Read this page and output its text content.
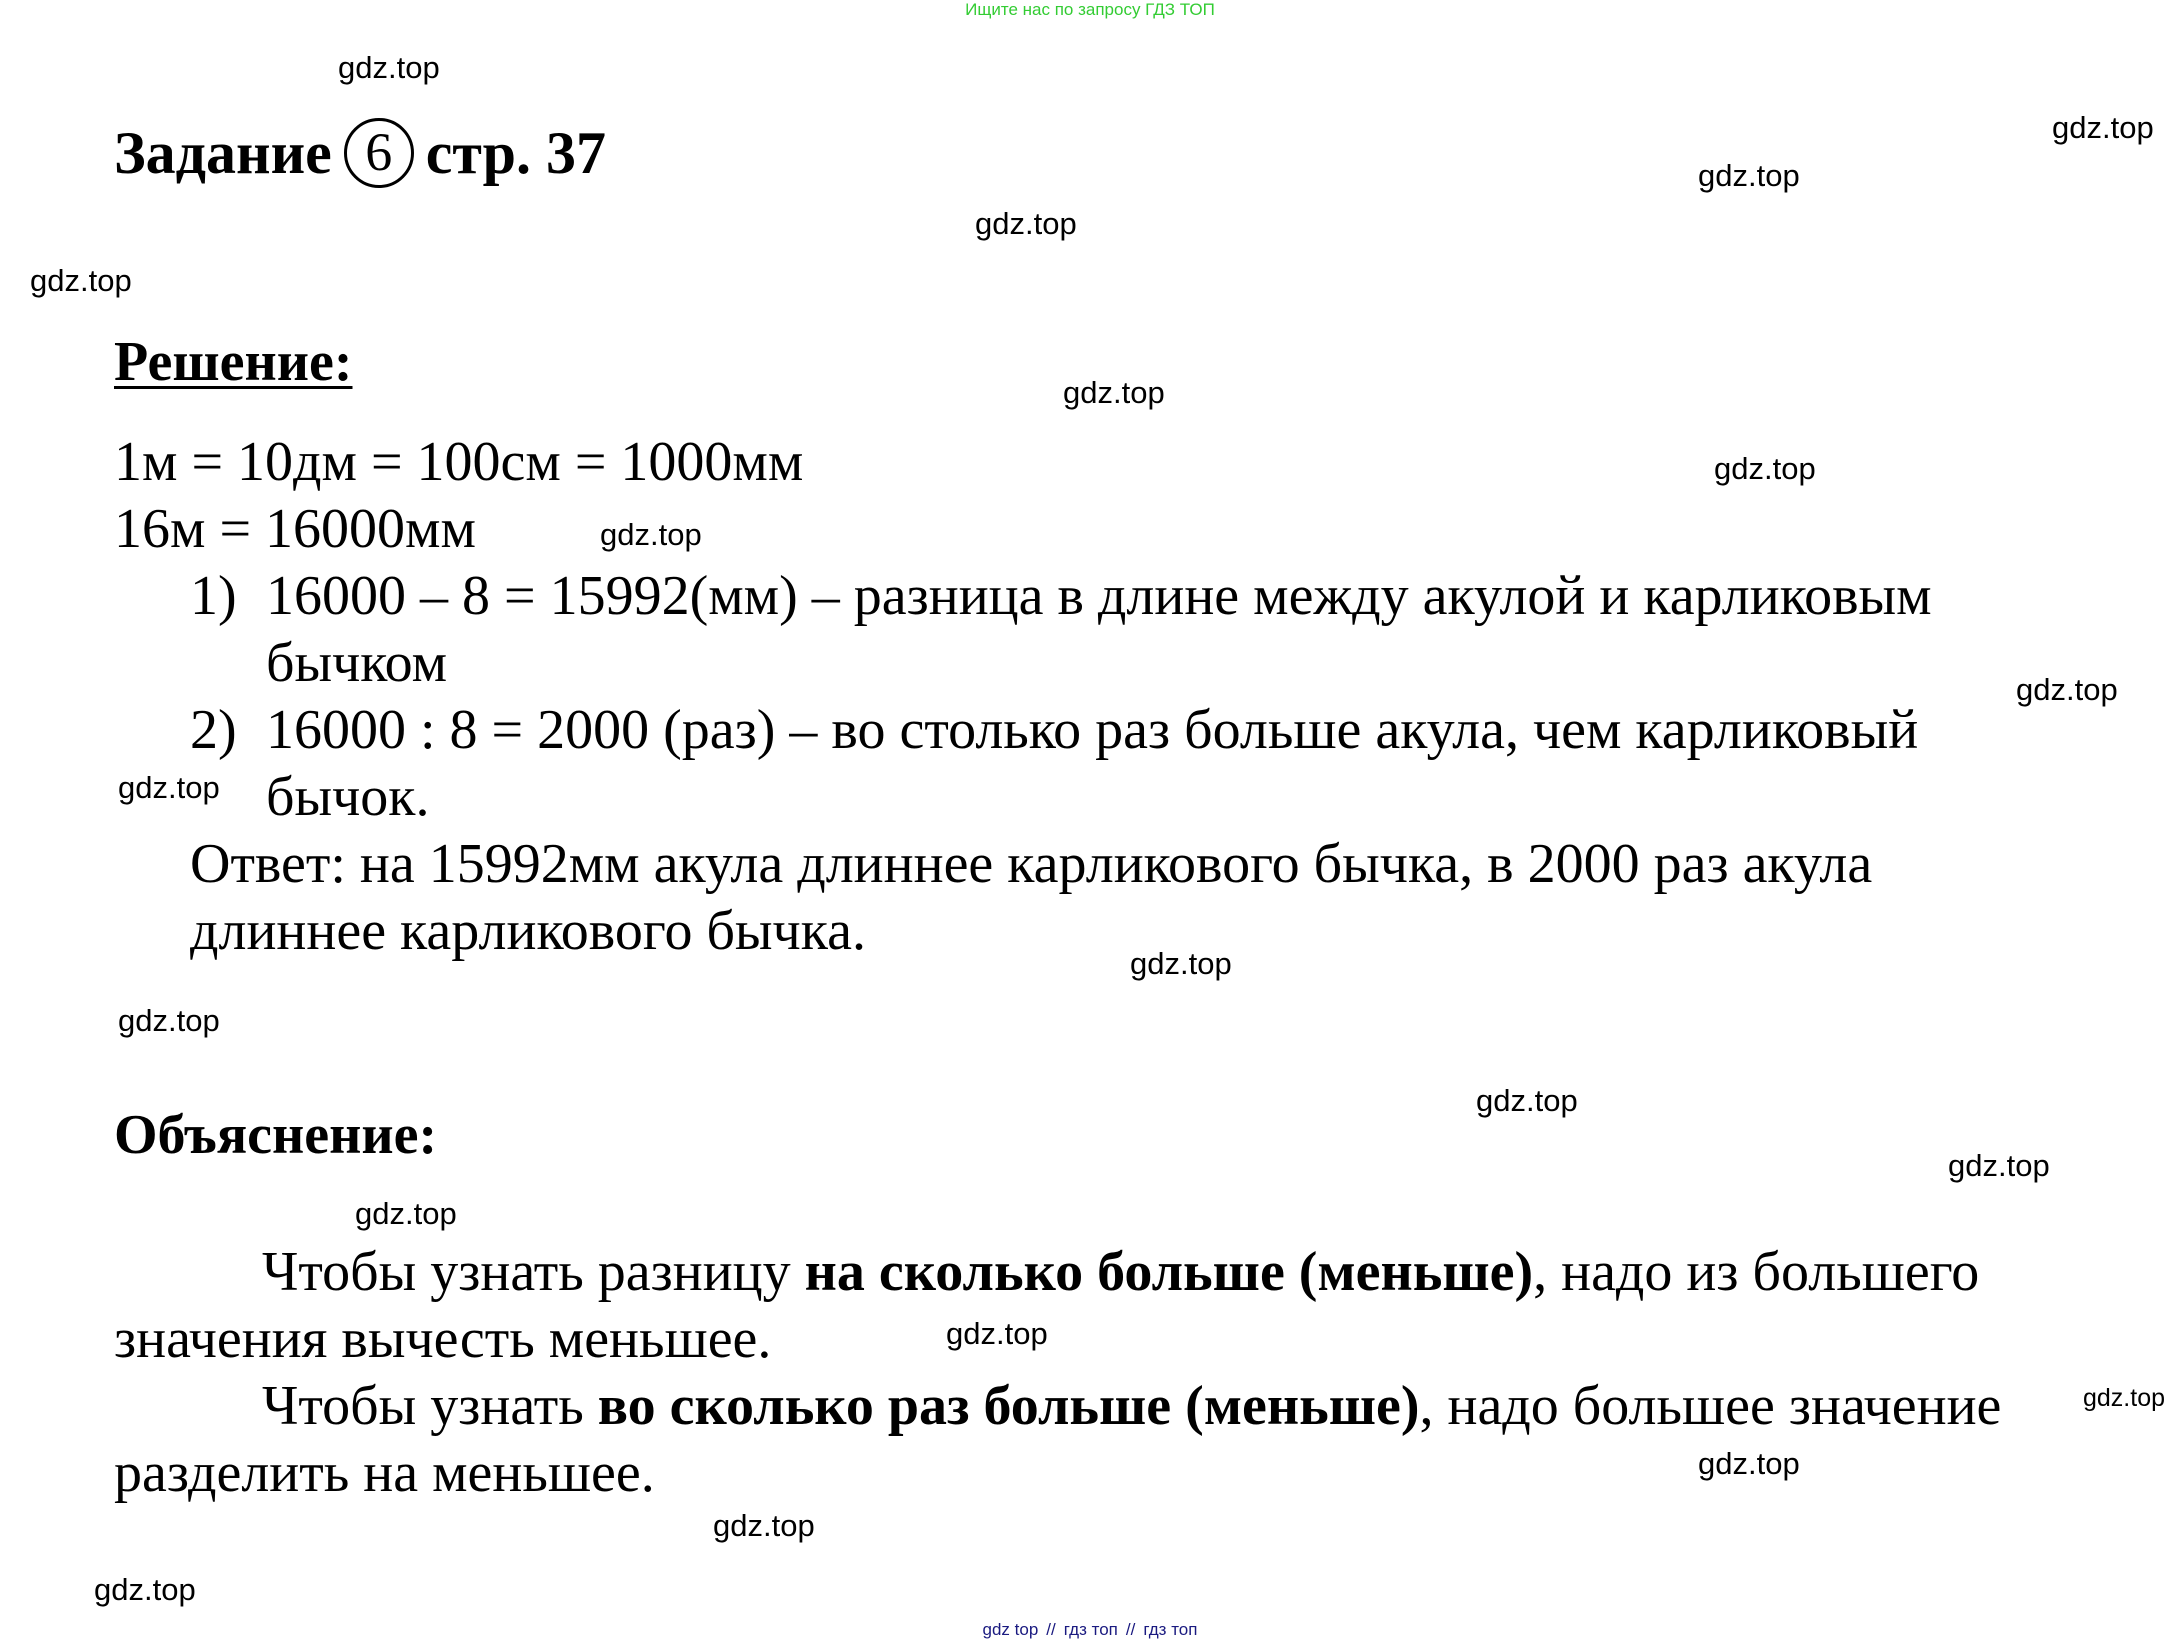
Ищите нас по запросу ГДЗ ТОП
gdz.top
gdz.top
gdz.top
gdz.top
gdz.top
gdz.top
gdz.top
gdz.top
gdz.top
gdz.top
gdz.top
gdz.top
gdz.top
gdz.top
gdz.top
gdz.top
gdz.top
gdz.top
gdz.top
gdz.top
Задание 6 стр. 37
Решение:
1м = 10дм = 100см = 1000мм
16м = 16000мм
1) 16000 – 8 = 15992(мм) – разница в длине между акулой и карликовым
бычком
2) 16000 : 8 = 2000 (раз) – во столько раз больше акула, чем карликовый
бычок.
Ответ: на 15992мм акула длиннее карликового бычка, в 2000 раз акула
длиннее карликового бычка.
Объяснение:
Чтобы узнать разницу на сколько больше (меньше), надо из большего
значения вычесть меньшее.
Чтобы узнать во сколько раз больше (меньше), надо большее значение
разделить на меньшее.
gdz top // гдз топ // гдз топ
